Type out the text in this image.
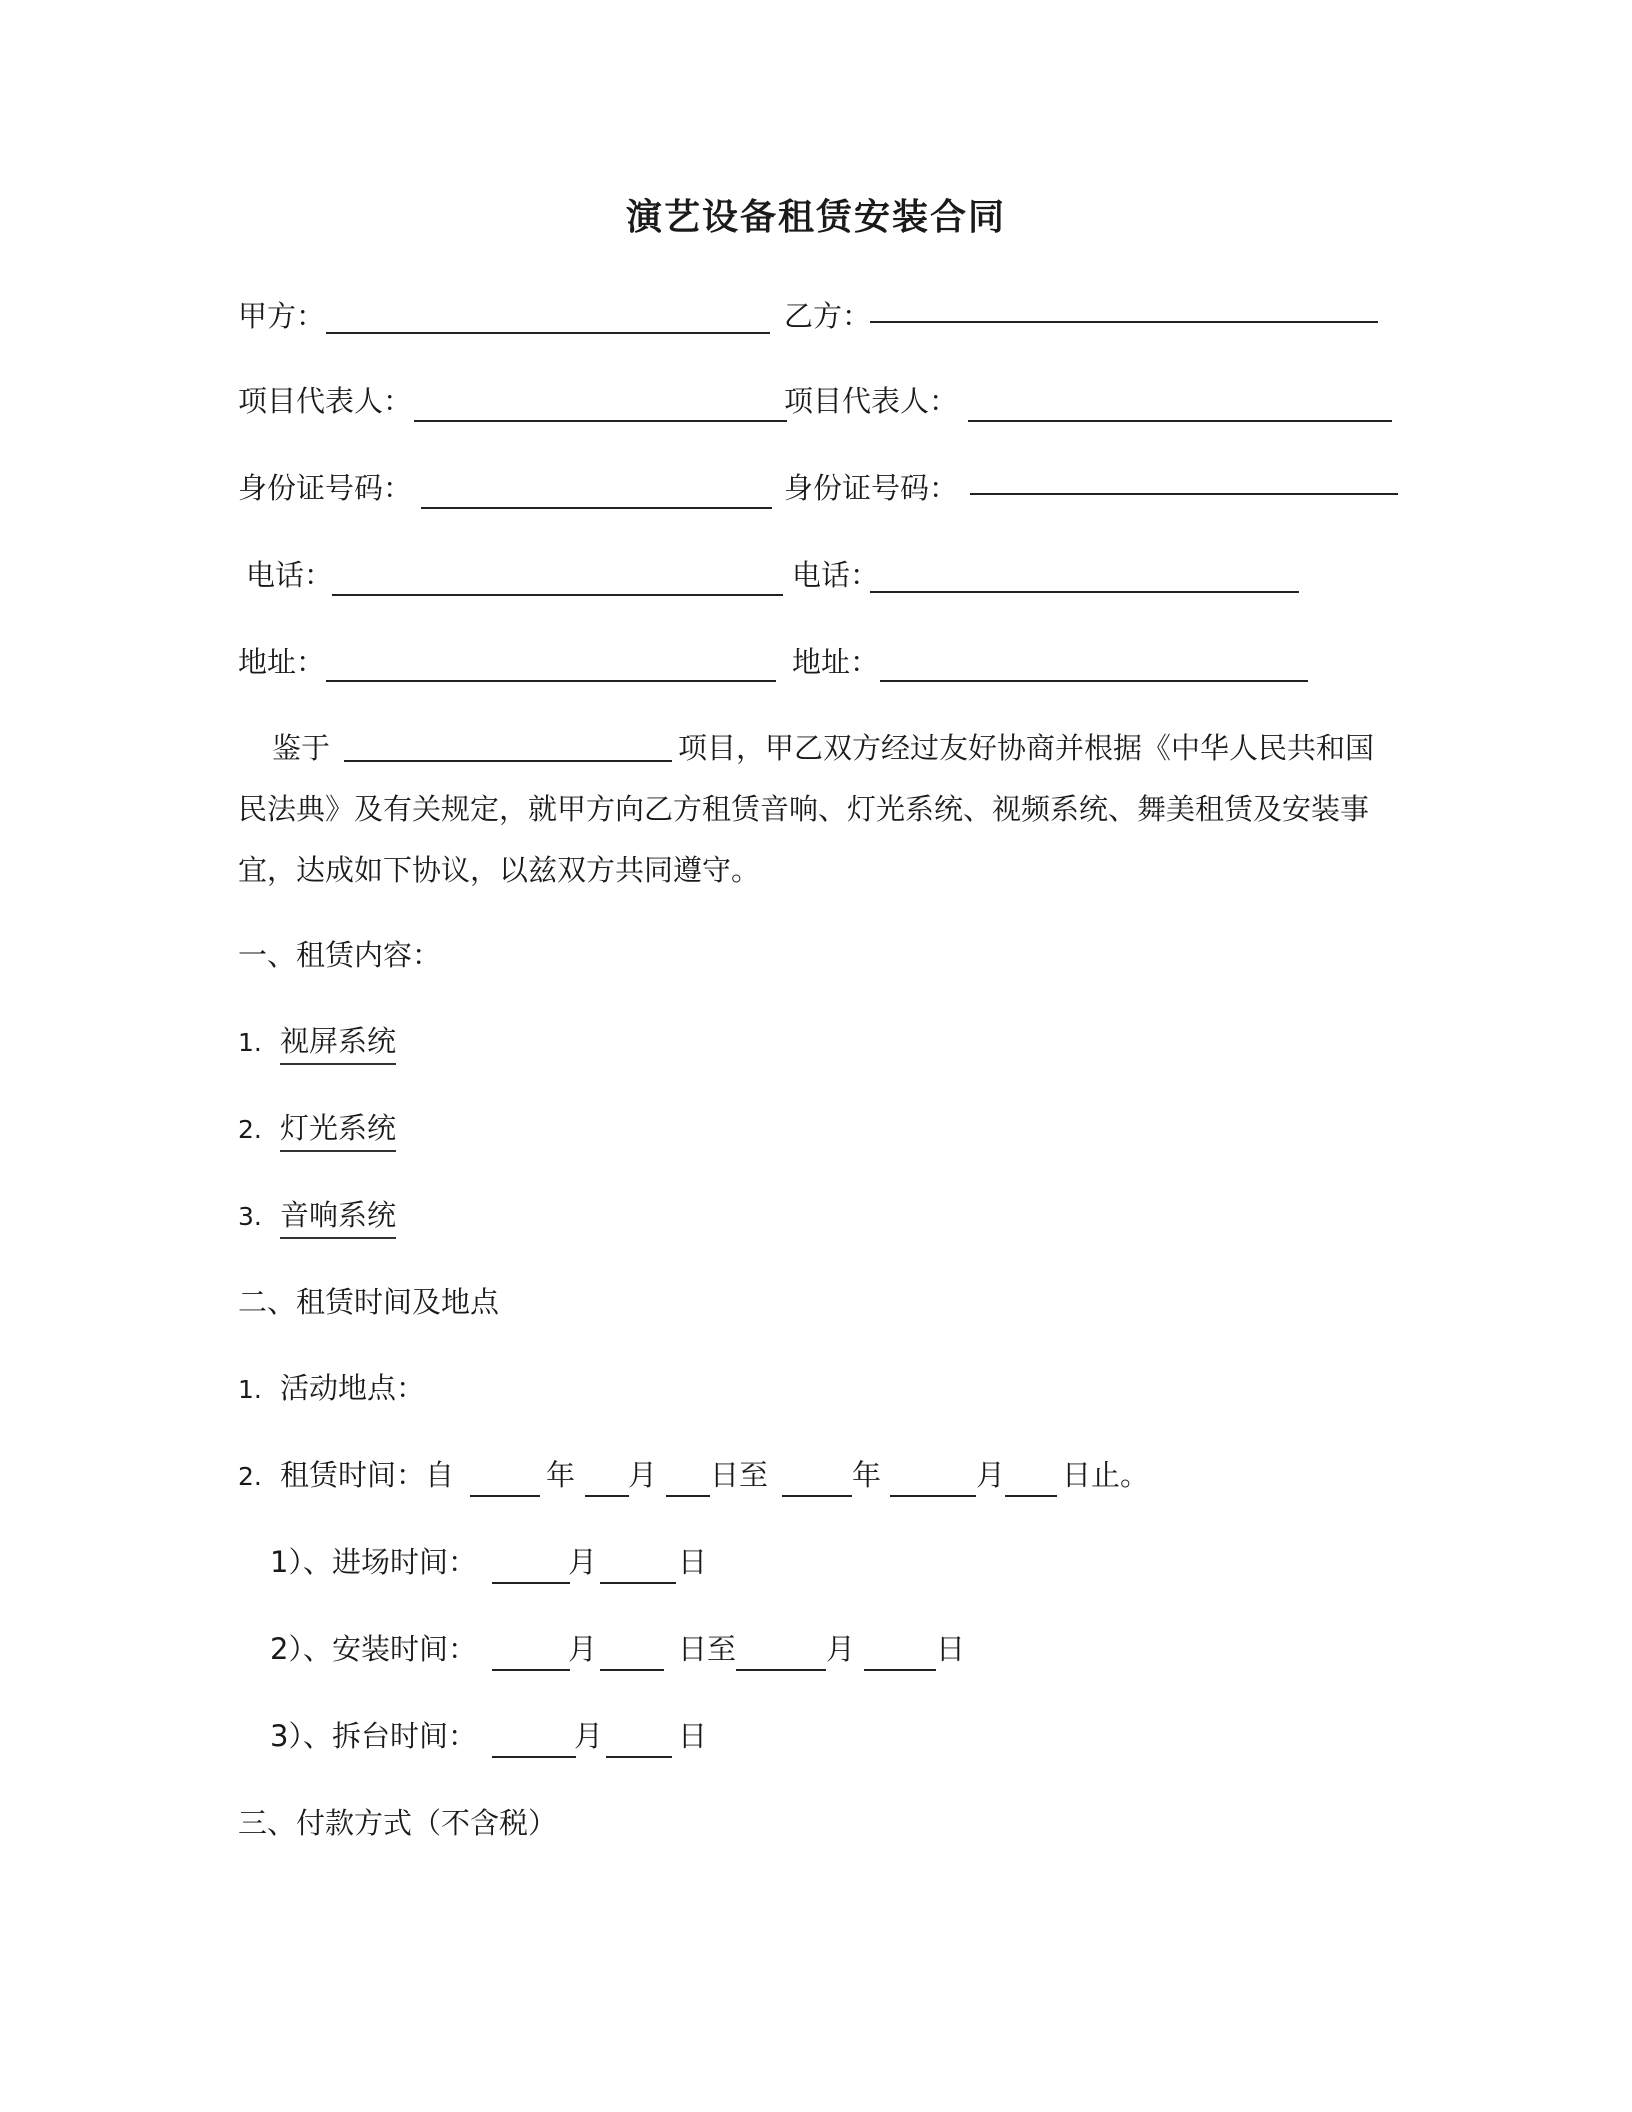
演艺设备租赁安装合同
甲方：	乙方：
项目代表人：	项目代表人：
身份证号码：	身份证号码：
电话：	电话：
地址：	地址：
鉴于	项目，甲乙双方经过友好协商并根据《中华人民共和国民法典》及有关规定，就甲方向乙方租赁音响、灯光系统、视频系统、舞美租赁及安装事宜，达成如下协议，以兹双方共同遵守。
一、租赁内容：
1. 视屏系统
2. 灯光系统
3. 音响系统
二、租赁时间及地点
1. 活动地点：
2. 租赁时间：自	年 月 日至	年	月 日止。
1）、进场时间：	月	日
2）、安装时间：	月	日至	月	日
3）、拆台时间：	月	日
三、付款方式（不含税）
